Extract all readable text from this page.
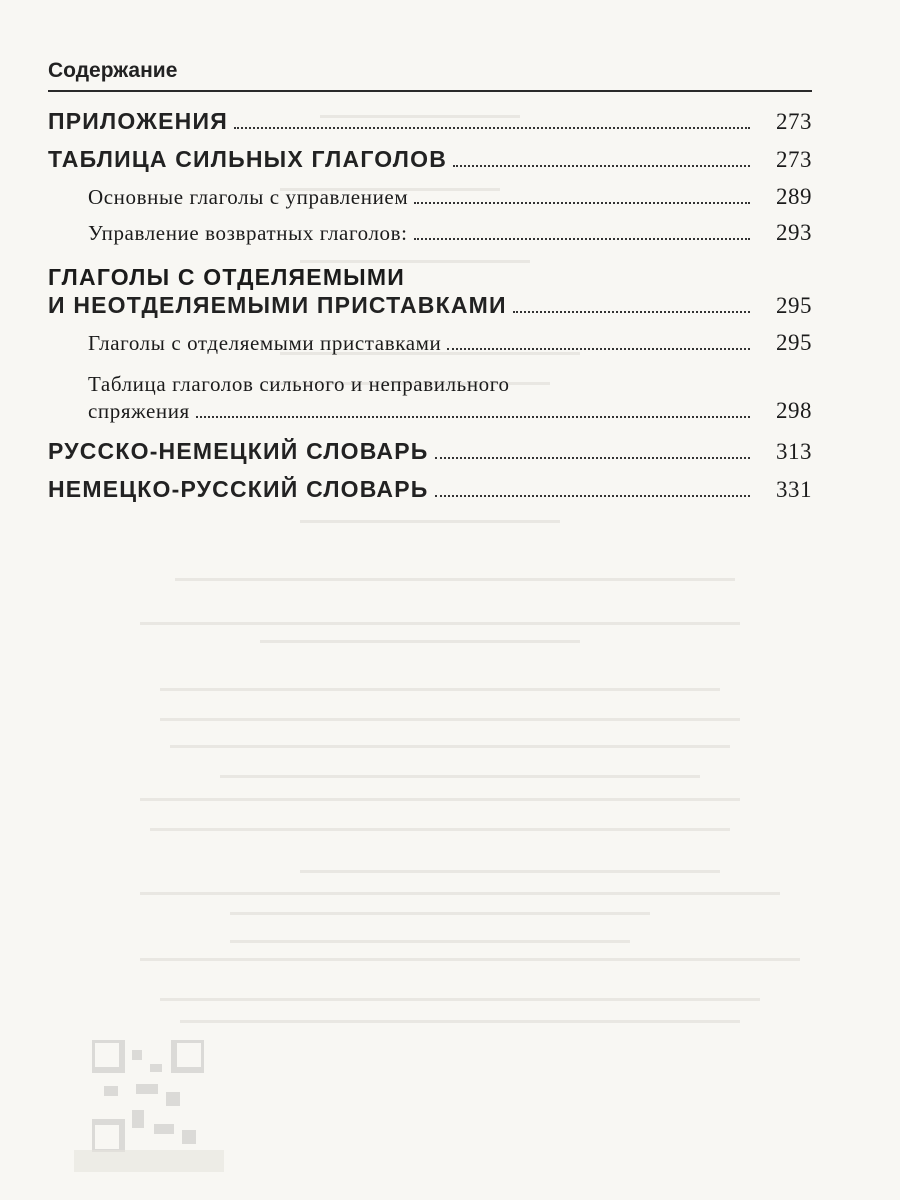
Содержание
ПРИЛОЖЕНИЯ	273
ТАБЛИЦА СИЛЬНЫХ ГЛАГОЛОВ	273
Основные глаголы с управлением	289
Управление возвратных глаголов:	293
ГЛАГОЛЫ С ОТДЕЛЯЕМЫМИ
И НЕОТДЕЛЯЕМЫМИ ПРИСТАВКАМИ	295
Глаголы с отделяемыми приставками	295
Таблица глаголов сильного и неправильного
спряжения	298
РУССКО-НЕМЕЦКИЙ СЛОВАРЬ	313
НЕМЕЦКО-РУССКИЙ СЛОВАРЬ	331
